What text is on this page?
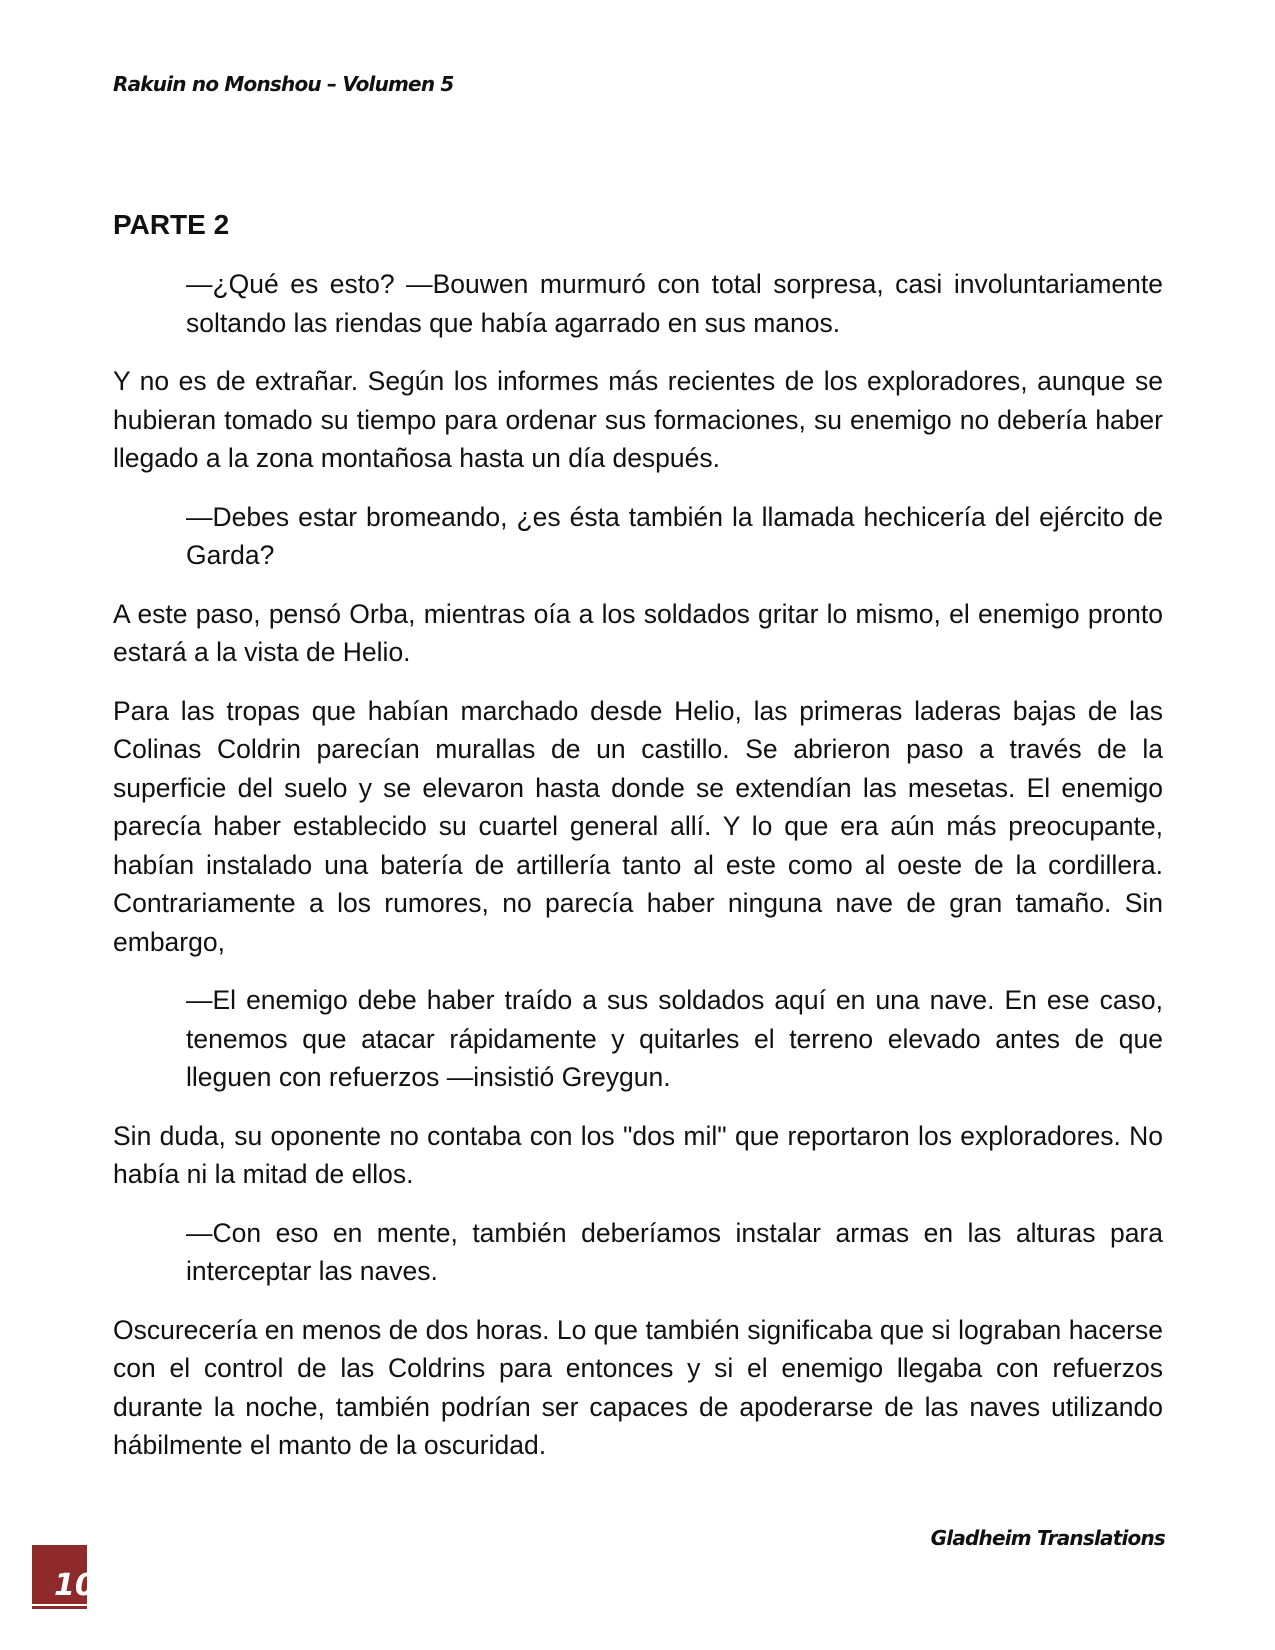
Rakuin no Monshou – Volumen 5
PARTE 2

—¿Qué es esto? —Bouwen murmuró con total sorpresa, casi involuntariamente soltando las riendas que había agarrado en sus manos.

Y no es de extrañar. Según los informes más recientes de los exploradores, aunque se hubieran tomado su tiempo para ordenar sus formaciones, su enemigo no debería haber llegado a la zona montañosa hasta un día después.

—Debes estar bromeando, ¿es ésta también la llamada hechicería del ejército de Garda?

A este paso, pensó Orba, mientras oía a los soldados gritar lo mismo, el enemigo pronto estará a la vista de Helio.

Para las tropas que habían marchado desde Helio, las primeras laderas bajas de las Colinas Coldrin parecían murallas de un castillo. Se abrieron paso a través de la superficie del suelo y se elevaron hasta donde se extendían las mesetas. El enemigo parecía haber establecido su cuartel general allí. Y lo que era aún más preocupante, habían instalado una batería de artillería tanto al este como al oeste de la cordillera. Contrariamente a los rumores, no parecía haber ninguna nave de gran tamaño. Sin embargo,

—El enemigo debe haber traído a sus soldados aquí en una nave. En ese caso, tenemos que atacar rápidamente y quitarles el terreno elevado antes de que lleguen con refuerzos —insistió Greygun.

Sin duda, su oponente no contaba con los "dos mil" que reportaron los exploradores. No había ni la mitad de ellos.

—Con eso en mente, también deberíamos instalar armas en las alturas para interceptar las naves.

Oscurecería en menos de dos horas. Lo que también significaba que si lograban hacerse con el control de las Coldrins para entonces y si el enemigo llegaba con refuerzos durante la noche, también podrían ser capaces de apoderarse de las naves utilizando hábilmente el manto de la oscuridad.

Gladheim Translations
10
